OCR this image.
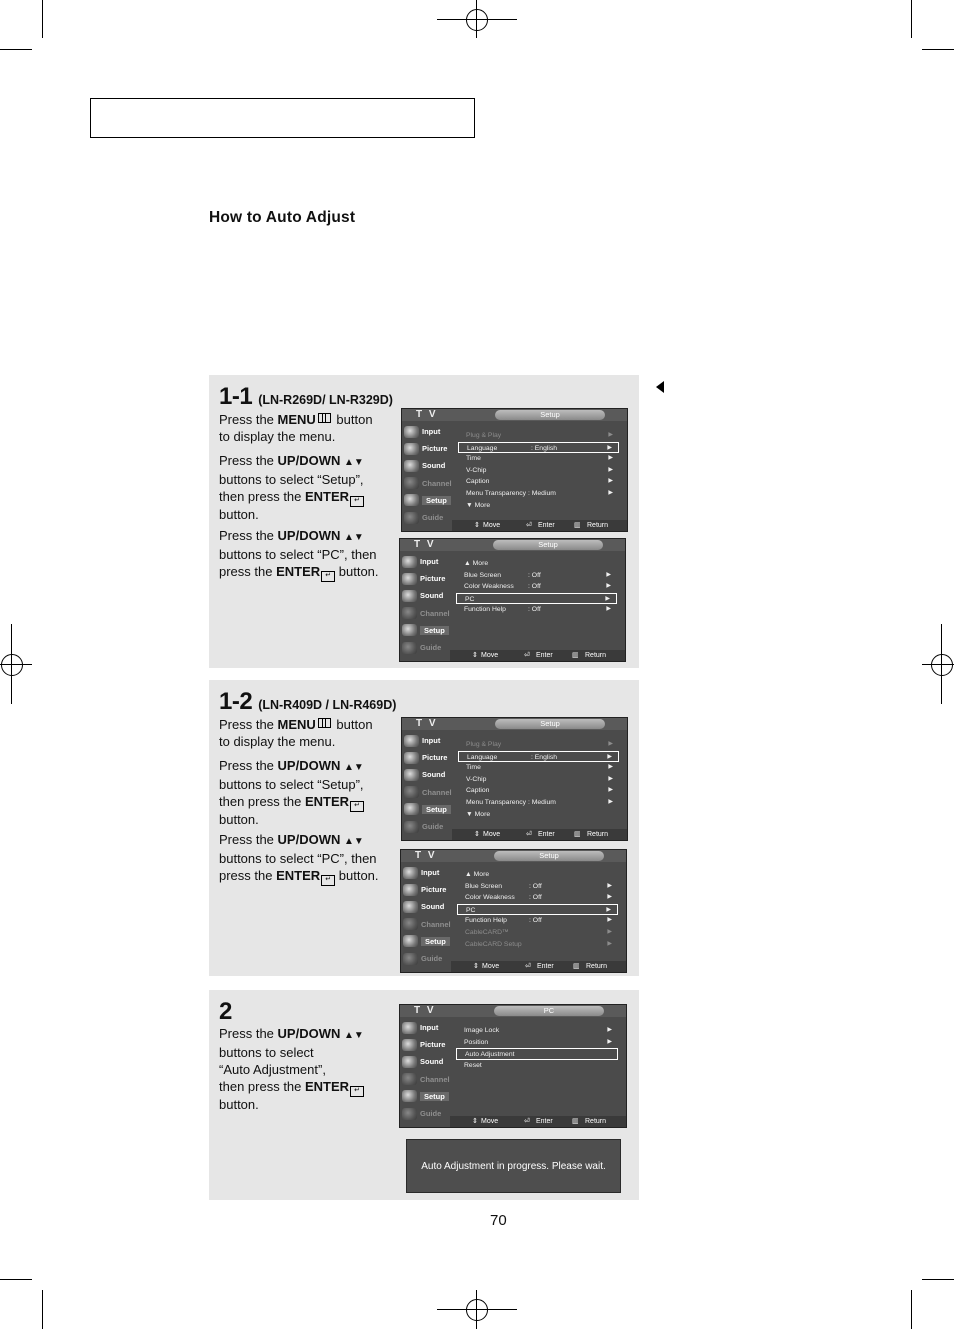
How to Auto Adjust
1-1 (LN-R269D/ LN-R329D)
Press the MENU button
to display the menu.
Press the UP/DOWN ▲▼
buttons to select “Setup”,
then press the ENTER ↵
button.
Press the UP/DOWN ▲▼
buttons to select “PC”, then
press the ENTER ↵ button.
1-2 (LN-R409D / LN-R469D)
Press the MENU button
to display the menu.
Press the UP/DOWN ▲▼
buttons to select “Setup”,
then press the ENTER ↵
button.
Press the UP/DOWN ▲▼
buttons to select “PC”, then
press the ENTER ↵ button.
2
Press the UP/DOWN ▲▼
buttons to select
“Auto Adjustment”,
then press the ENTER ↵
button.
T V	Setup
Input
Picture
Sound
Channel
Setup
Guide
Plug & Play	▶
Language	: English	▶
Time	▶
V-Chip	▶
Caption	▶
Menu Transparency : Medium	▶
▼ More
⇕ Move	⏎ Enter	▥ Return
T V	Setup
Input
Picture
Sound
Channel
Setup
Guide
▲ More
Blue Screen	: Off	▶
Color Weakness : Off	▶
PC	▶
Function Help	: Off	▶
⇕ Move	⏎ Enter	▥ Return
T V	Setup
Input
Picture
Sound
Channel
Setup
Guide
Plug & Play	▶
Language	: English	▶
Time	▶
V-Chip	▶
Caption	▶
Menu Transparency : Medium	▶
▼ More
⇕ Move	⏎ Enter	▥ Return
T V	Setup
Input
Picture
Sound
Channel
Setup
Guide
▲ More
Blue Screen	: Off	▶
Color Weakness : Off	▶
PC	▶
Function Help	: Off	▶
CableCARD™	▶
CableCARD Setup	▶
⇕ Move	⏎ Enter	▥ Return
T V	PC
Input
Picture
Sound
Channel
Setup
Guide
Image Lock	▶
Position	▶
Auto Adjustment
Reset
⇕ Move	⏎ Enter	▥ Return
Auto Adjustment in progress. Please wait.
70
